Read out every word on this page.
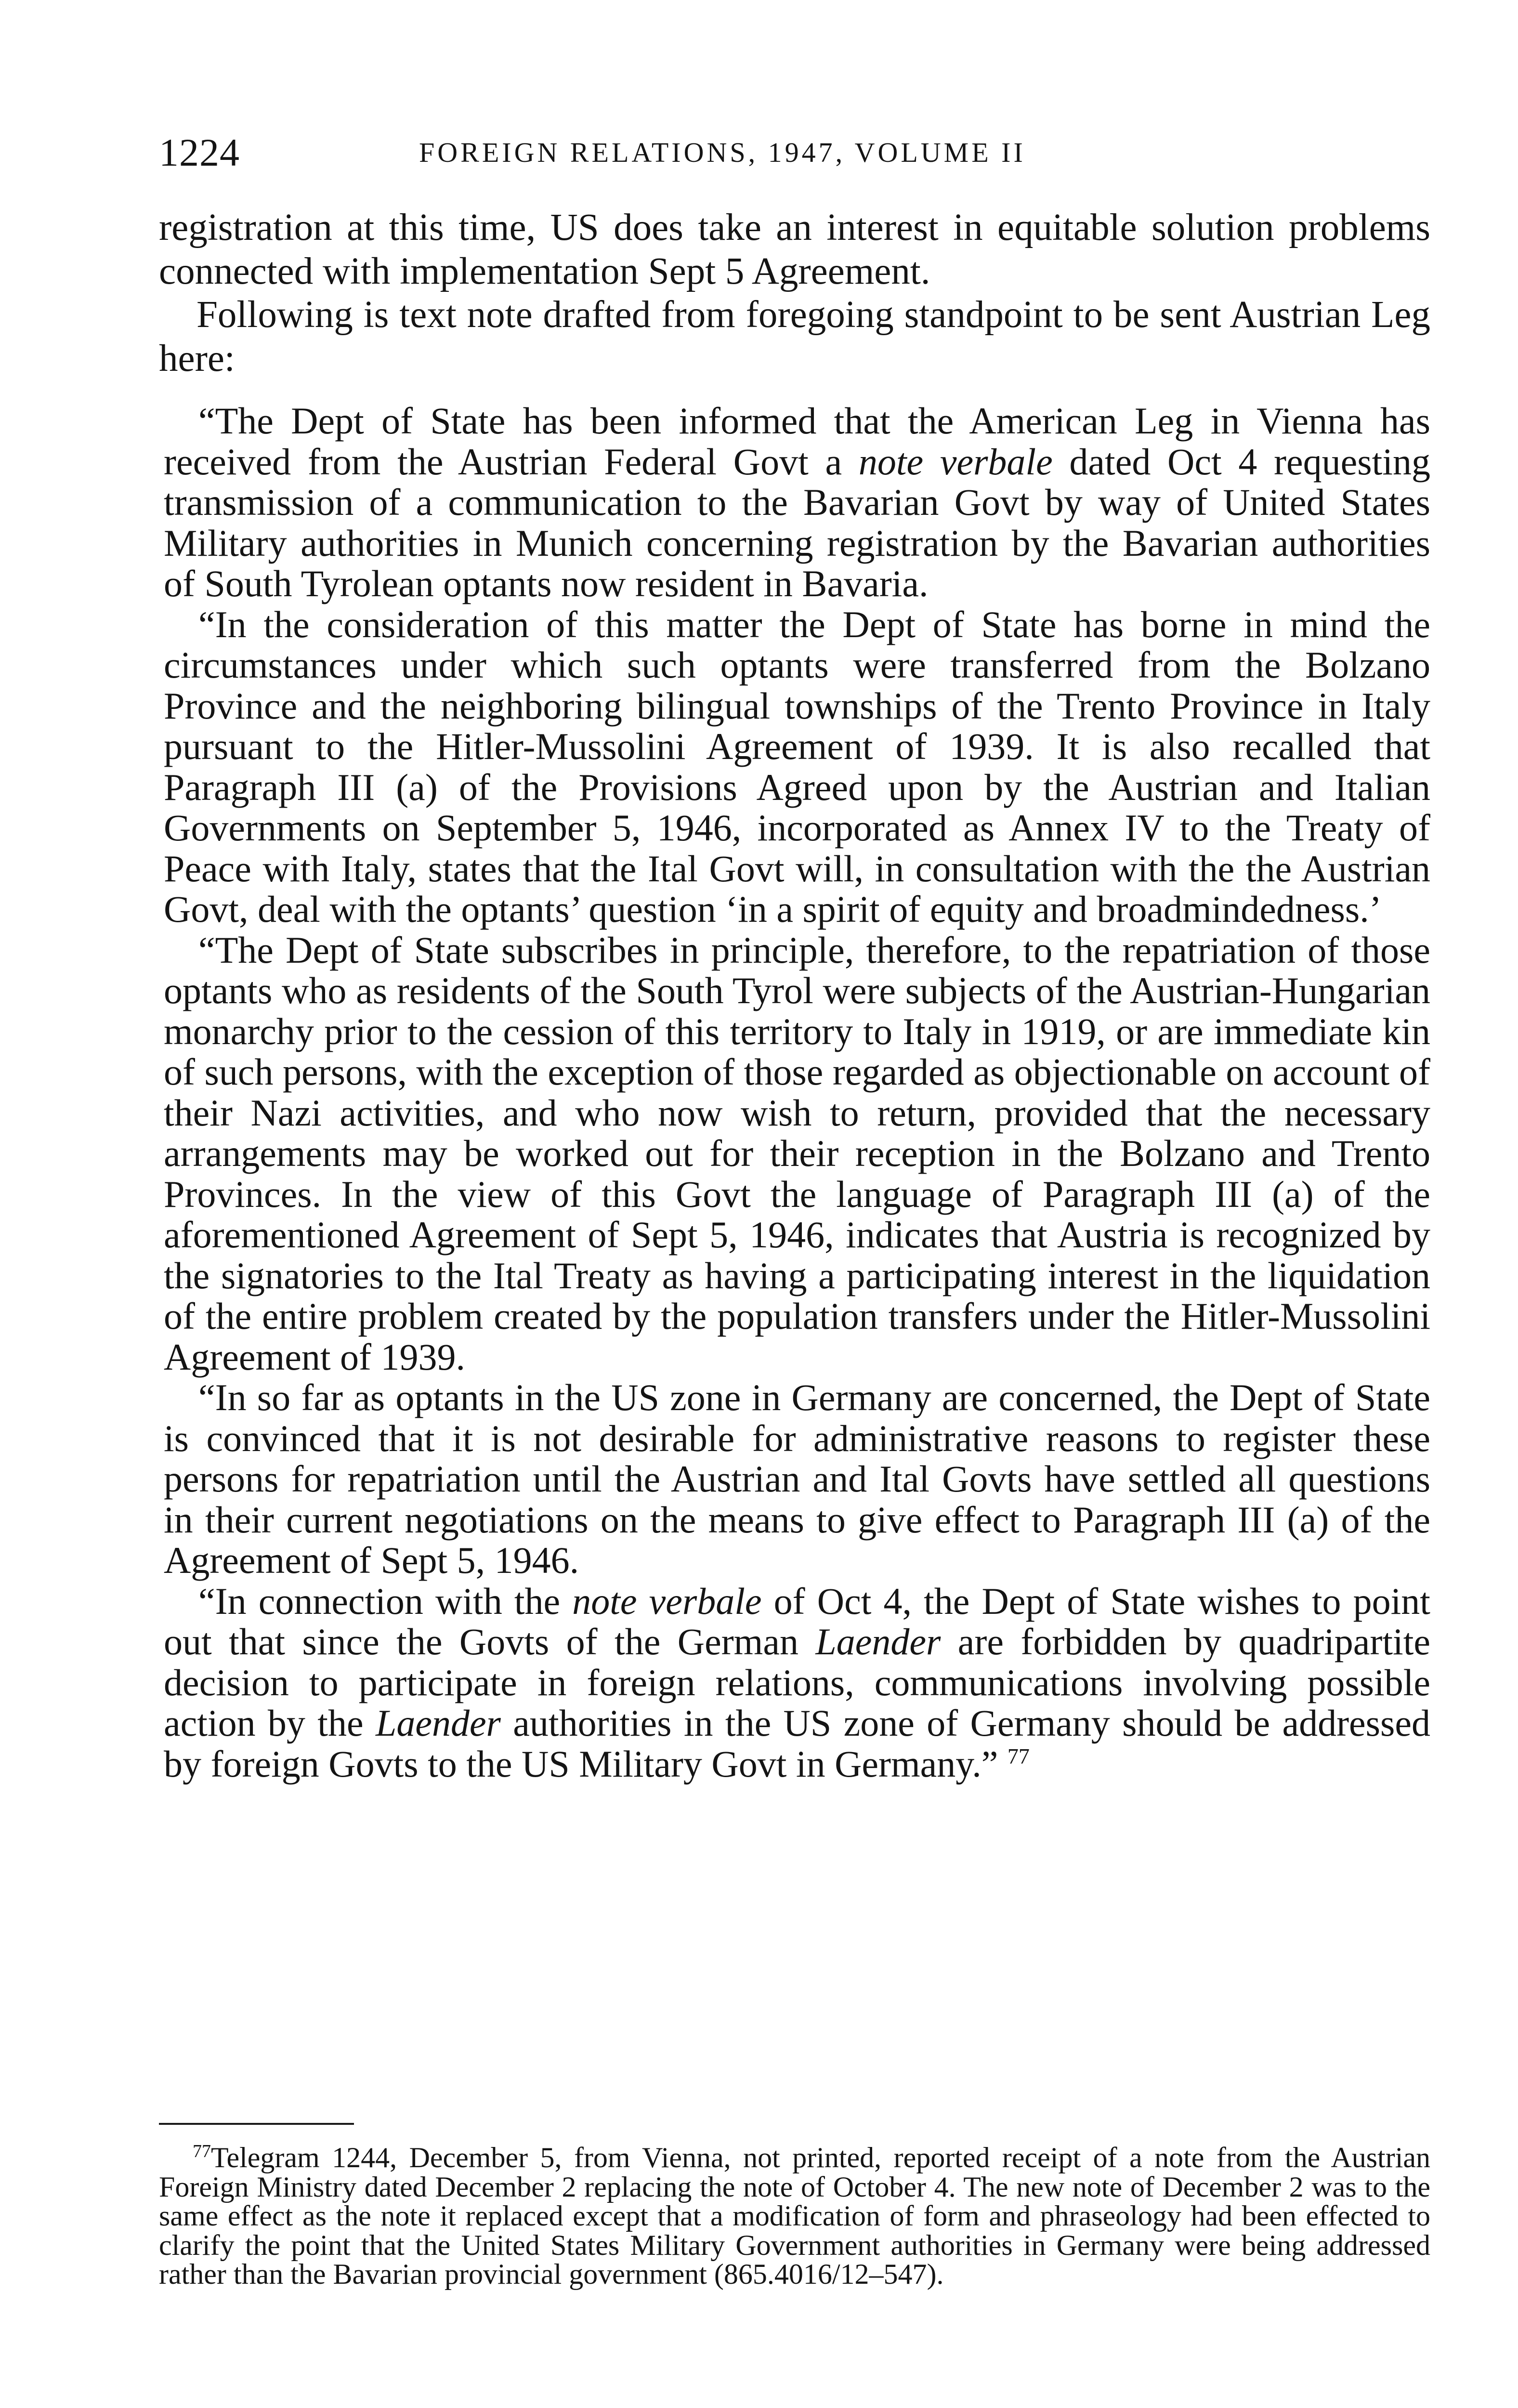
1224	FOREIGN RELATIONS, 1947, VOLUME II

registration at this time, US does take an interest in equitable solution problems connected with implementation Sept 5 Agreement.

Following is text note drafted from foregoing standpoint to be sent Austrian Leg here:

“The Dept of State has been informed that the American Leg in Vienna has received from the Austrian Federal Govt a note verbale dated Oct 4 requesting transmission of a communication to the Bavarian Govt by way of United States Military authorities in Munich concerning registration by the Bavarian authorities of South Tyrolean optants now resident in Bavaria.

“In the consideration of this matter the Dept of State has borne in mind the circumstances under which such optants were transferred from the Bolzano Province and the neighboring bilingual townships of the Trento Province in Italy pursuant to the Hitler-Mussolini Agreement of 1939. It is also recalled that Paragraph III (a) of the Provisions Agreed upon by the Austrian and Italian Governments on September 5, 1946, incorporated as Annex IV to the Treaty of Peace with Italy, states that the Ital Govt will, in consultation with the the Austrian Govt, deal with the optants’ question ‘in a spirit of equity and broadmindedness.’

“The Dept of State subscribes in principle, therefore, to the repatriation of those optants who as residents of the South Tyrol were subjects of the Austrian-Hungarian monarchy prior to the cession of this territory to Italy in 1919, or are immediate kin of such persons, with the exception of those regarded as objectionable on account of their Nazi activities, and who now wish to return, provided that the necessary arrangements may be worked out for their reception in the Bolzano and Trento Provinces. In the view of this Govt the language of Paragraph III (a) of the aforementioned Agreement of Sept 5, 1946, indicates that Austria is recognized by the signatories to the Ital Treaty as having a participating interest in the liquidation of the entire problem created by the population transfers under the Hitler-Mussolini Agreement of 1939.

“In so far as optants in the US zone in Germany are concerned, the Dept of State is convinced that it is not desirable for administrative reasons to register these persons for repatriation until the Austrian and Ital Govts have settled all questions in their current negotiations on the means to give effect to Paragraph III (a) of the Agreement of Sept 5, 1946.

“In connection with the note verbale of Oct 4, the Dept of State wishes to point out that since the Govts of the German Laender are forbidden by quadripartite decision to participate in foreign relations, communications involving possible action by the Laender authorities in the US zone of Germany should be addressed by foreign Govts to the US Military Govt in Germany.” $^{77}$

$^{77}$Telegram 1244, December 5, from Vienna, not printed, reported receipt of a note from the Austrian Foreign Ministry dated December 2 replacing the note of October 4. The new note of December 2 was to the same effect as the note it replaced except that a modification of form and phraseology had been effected to clarify the point that the United States Military Government authorities in Germany were being addressed rather than the Bavarian provincial government (865.4016/12–547).
